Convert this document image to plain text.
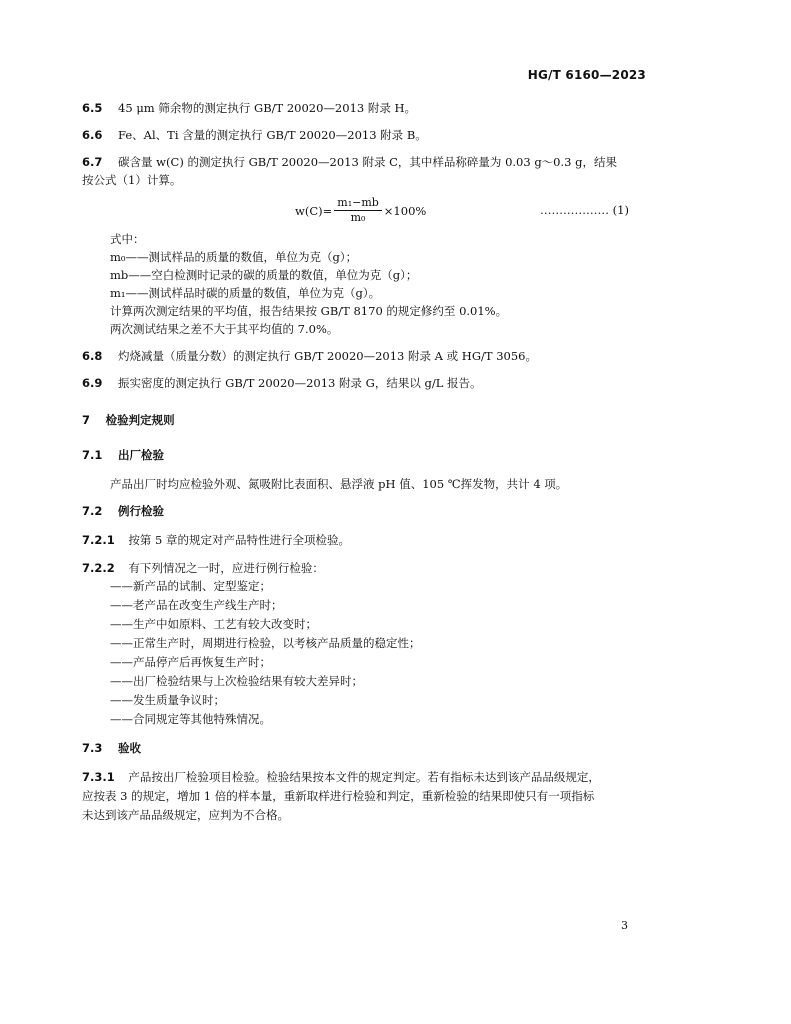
HG/T 6160—2023
6.5 45 μm 筛余物的测定执行 GB/T 20020—2013 附录 H。
6.6 Fe、Al、Ti 含量的测定执行 GB/T 20020—2013 附录 B。
6.7 碳含量 w(C) 的测定执行 GB/T 20020—2013 附录 C，其中样品称碎量为 0.03 g～0.3 g，结果
按公式（1）计算。
$w(C)= \frac{\text{m₁−mb}}{\text{m₀}} \times 100\%$	……………… (1)
式中：
m₀——测试样品的质量的数值，单位为克（g）；
mb——空白检测时记录的碳的质量的数值，单位为克（g）；
m₁——测试样品时碳的质量的数值，单位为克（g）。
计算两次测定结果的平均值，报告结果按 GB/T 8170 的规定修约至 0.01%。
两次测试结果之差不大于其平均值的 7.0%。
6.8 灼烧减量（质量分数）的测定执行 GB/T 20020—2013 附录 A 或 HG/T 3056。
6.9 振实密度的测定执行 GB/T 20020—2013 附录 G，结果以 g/L 报告。
7 检验判定规则
7.1 出厂检验
产品出厂时均应检验外观、氮吸附比表面积、悬浮液 pH 值、105 ℃挥发物，共计 4 项。
7.2 例行检验
7.2.1 按第 5 章的规定对产品特性进行全项检验。
7.2.2 有下列情况之一时，应进行例行检验：
——新产品的试制、定型鉴定；
——老产品在改变生产线生产时；
——生产中如原料、工艺有较大改变时；
——正常生产时，周期进行检验，以考核产品质量的稳定性；
——产品停产后再恢复生产时；
——出厂检验结果与上次检验结果有较大差异时；
——发生质量争议时；
——合同规定等其他特殊情况。
7.3 验收
7.3.1 产品按出厂检验项目检验。检验结果按本文件的规定判定。若有指标未达到该产品品级规定，
应按表 3 的规定，增加 1 倍的样本量，重新取样进行检验和判定，重新检验的结果即使只有一项指标
未达到该产品品级规定，应判为不合格。
3
